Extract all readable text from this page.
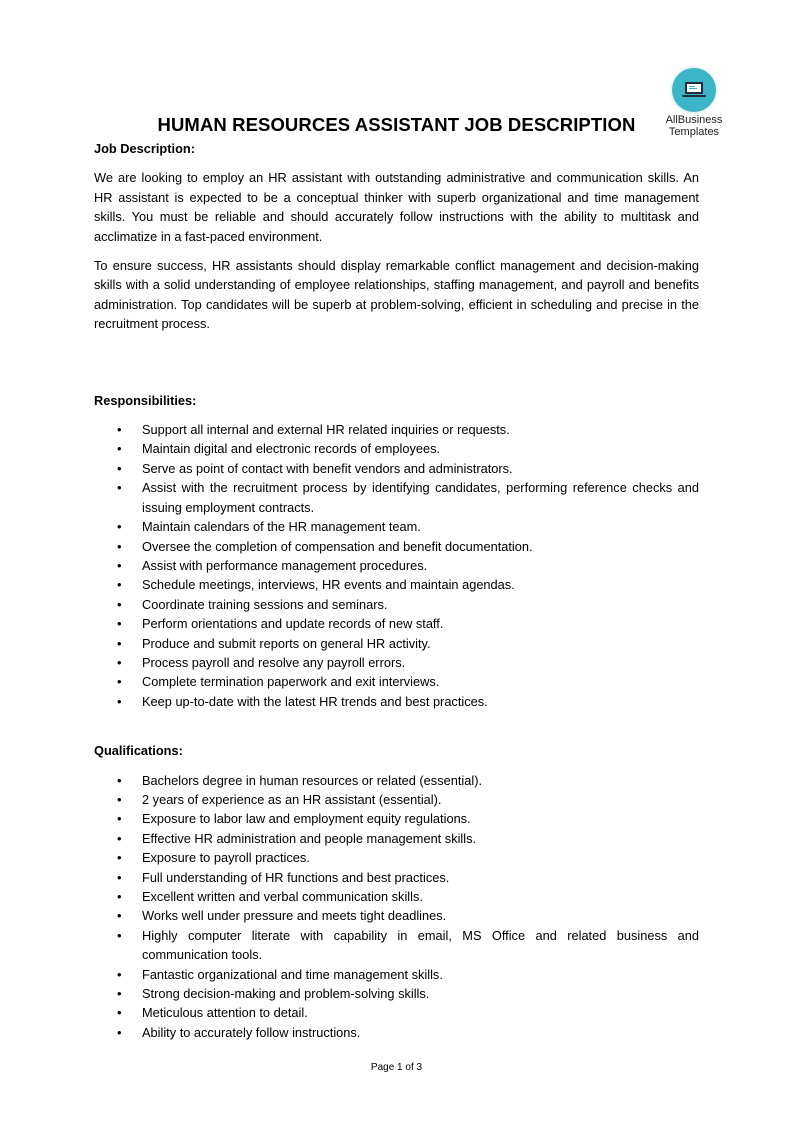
AllBusiness
Templates
HUMAN RESOURCES ASSISTANT JOB DESCRIPTION

Job Description:

We are looking to employ an HR assistant with outstanding administrative and communication skills. An HR assistant is expected to be a conceptual thinker with superb organizational and time management skills. You must be reliable and should accurately follow instructions with the ability to multitask and acclimatize in a fast-paced environment.

To ensure success, HR assistants should display remarkable conflict management and decision-making skills with a solid understanding of employee relationships, staffing management, and payroll and benefits administration. Top candidates will be superb at problem-solving, efficient in scheduling and precise in the recruitment process.

Responsibilities:

• Support all internal and external HR related inquiries or requests.
• Maintain digital and electronic records of employees.
• Serve as point of contact with benefit vendors and administrators.
• Assist with the recruitment process by identifying candidates, performing reference checks and issuing employment contracts.
• Maintain calendars of the HR management team.
• Oversee the completion of compensation and benefit documentation.
• Assist with performance management procedures.
• Schedule meetings, interviews, HR events and maintain agendas.
• Coordinate training sessions and seminars.
• Perform orientations and update records of new staff.
• Produce and submit reports on general HR activity.
• Process payroll and resolve any payroll errors.
• Complete termination paperwork and exit interviews.
• Keep up-to-date with the latest HR trends and best practices.

Qualifications:

• Bachelors degree in human resources or related (essential).
• 2 years of experience as an HR assistant (essential).
• Exposure to labor law and employment equity regulations.
• Effective HR administration and people management skills.
• Exposure to payroll practices.
• Full understanding of HR functions and best practices.
• Excellent written and verbal communication skills.
• Works well under pressure and meets tight deadlines.
• Highly computer literate with capability in email, MS Office and related business and communication tools.
• Fantastic organizational and time management skills.
• Strong decision-making and problem-solving skills.
• Meticulous attention to detail.
• Ability to accurately follow instructions.
Page 1 of 3
